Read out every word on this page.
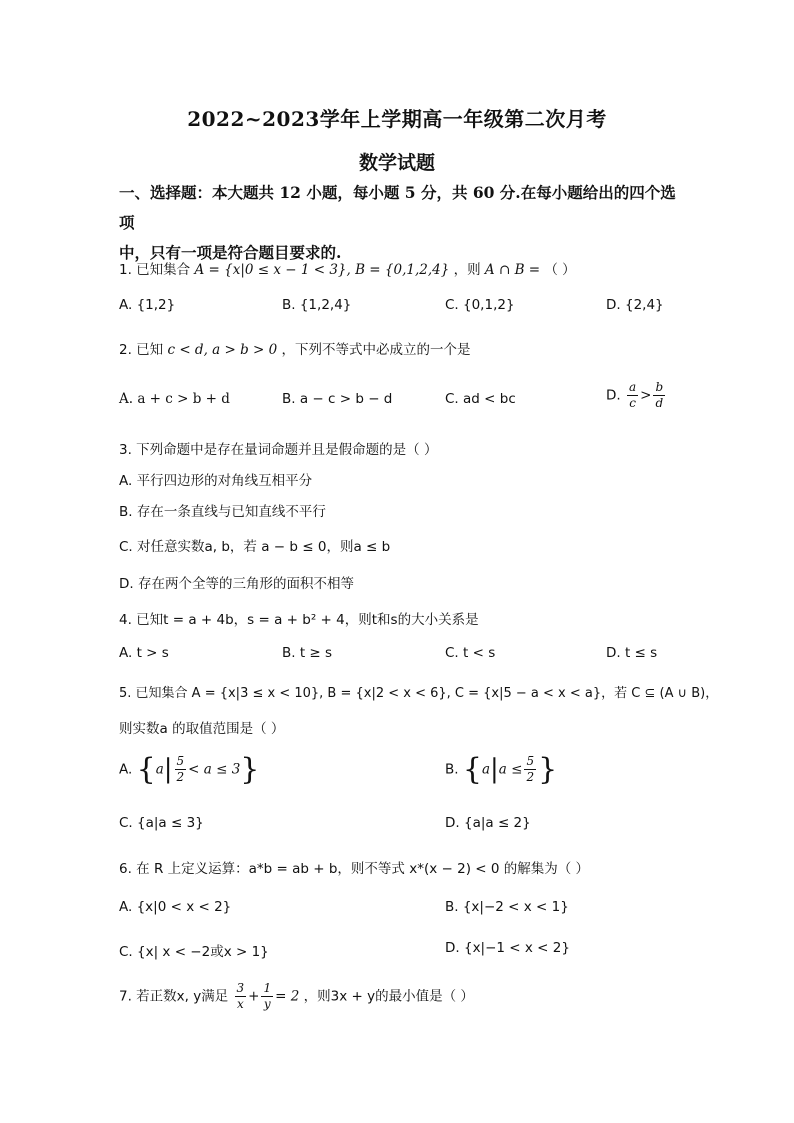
2022~2023学年上学期高一年级第二次月考
数学试题
一、选择题：本大题共 12 小题，每小题 5 分，共 60 分.在每小题给出的四个选项
中，只有一项是符合题目要求的.
1. 已知集合 A = {x|0 ≤ x − 1 < 3}, B = {0,1,2,4} ，则 A ∩ B = （ ）
A. {1,2}	B. {1,2,4}	C. {0,1,2}	D. {2,4}
2. 已知 c < d, a > b > 0 ，下列不等式中必成立的一个是
A. a + c > b + d	B. a − c > b − d	C. ad < bc	D. $\frac{a}{c} > \frac{b}{d}$
3. 下列命题中是存在量词命题并且是假命题的是（ ）
A. 平行四边形的对角线互相平分
B. 存在一条直线与已知直线不平行
C. 对任意实数a, b，若 a − b ≤ 0，则a ≤ b
D. 存在两个全等的三角形的面积不相等
4. 已知t = a + 4b，s = a + b² + 4，则t和s的大小关系是
A. t > s	B. t ≥ s	C. t < s	D. t ≤ s
5. 已知集合 A = {x|3 ≤ x < 10}, B = {x|2 < x < 6}, C = {x|5 − a < x < a}，若 C ⊆ (A ∪ B)，
则实数a 的取值范围是（ ）
A. $\{a| \frac{5}{2} < a \le 3\}$	B. {$a|a \le \frac{5}{2}$ }
C. {a|a ≤ 3}	D. {a|a ≤ 2}
6. 在 R 上定义运算：a*b = ab + b，则不等式 x*(x − 2) < 0 的解集为（ ）
A. {x|0 < x < 2}	B. {x|−2 < x < 1}
C. {x| x < −2或x > 1}	D. {x|−1 < x < 2}
7. 若正数x, y满足 $\frac{3}{x} + \frac{1}{y} = 2$ ，则3x + y的最小值是（ ）
